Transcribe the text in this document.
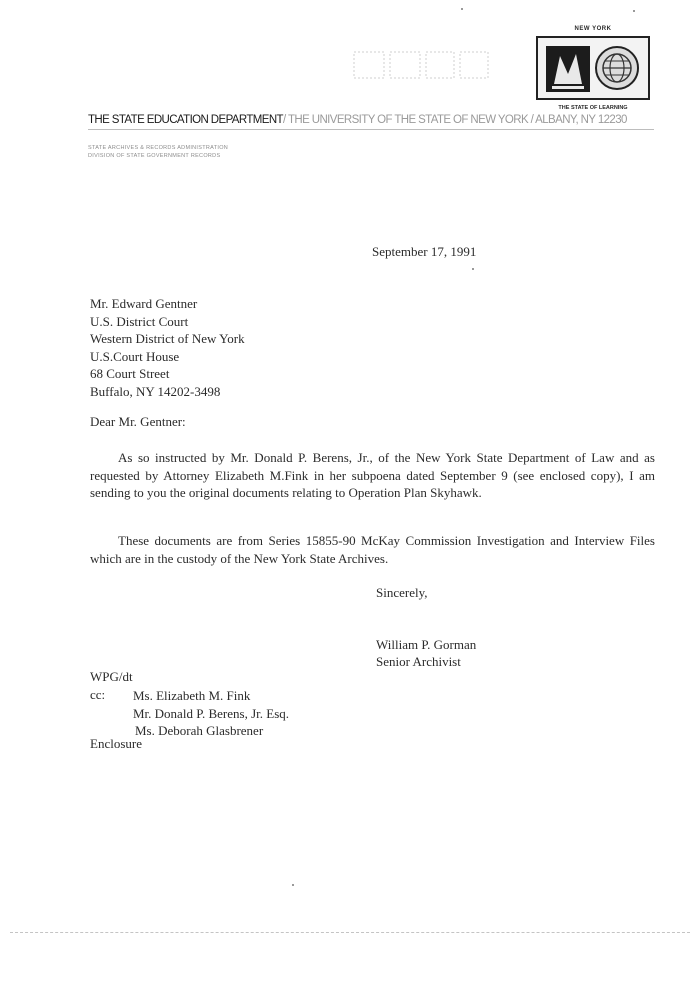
NEW YORK
THE STATE OF LEARNING
THE STATE EDUCATION DEPARTMENT/ THE UNIVERSITY OF THE STATE OF NEW YORK / ALBANY, NY 12230
STATE ARCHIVES & RECORDS ADMINISTRATION
DIVISION OF STATE GOVERNMENT RECORDS
September 17, 1991
Mr. Edward Gentner
U.S. District Court
Western District of New York
U.S.Court House
68 Court Street
Buffalo, NY 14202-3498
Dear Mr. Gentner:
As so instructed by Mr. Donald P. Berens, Jr., of the New York State Department of Law and as requested by Attorney Elizabeth M.Fink in her subpoena dated September 9 (see enclosed copy), I am sending to you the original documents relating to Operation Plan Skyhawk.
These documents are from Series 15855-90 McKay Commission Investigation and Interview Files which are in the custody of the New York State Archives.
Sincerely,
William P. Gorman
Senior Archivist
WPG/dt
cc: Ms. Elizabeth M. Fink
Mr. Donald P. Berens, Jr. Esq.
Ms. Deborah Glasbrener
Enclosure
